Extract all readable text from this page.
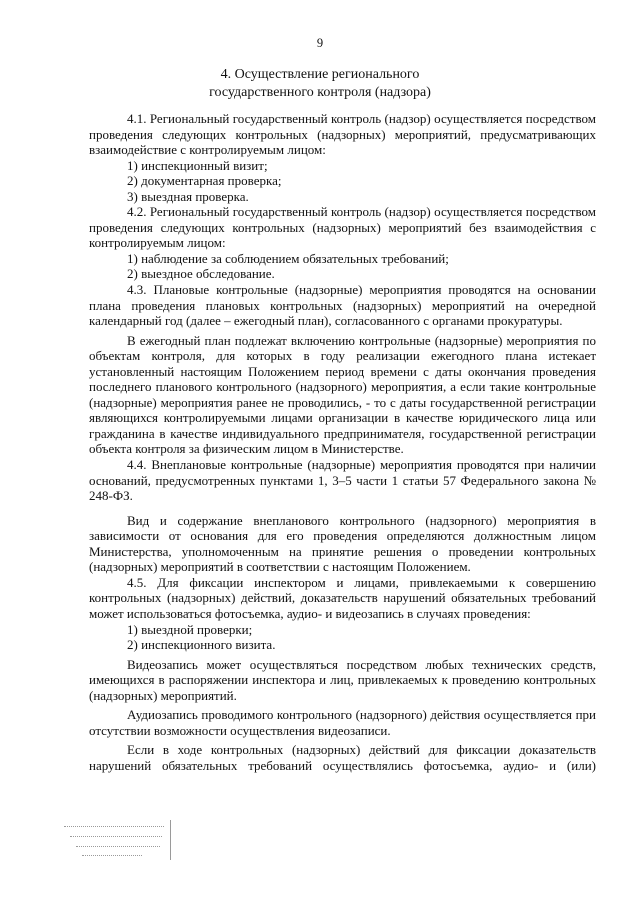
9
4. Осуществление регионального
государственного контроля (надзора)

4.1. Региональный государственный контроль (надзор) осуществляется посредством проведения следующих контрольных (надзорных) мероприятий, предусматривающих взаимодействие с контролируемым лицом:

1) инспекционный визит;

2) документарная проверка;

3) выездная проверка.

4.2. Региональный государственный контроль (надзор) осуществляется посредством проведения следующих контрольных (надзорных) мероприятий без взаимодействия с контролируемым лицом:

1) наблюдение за соблюдением обязательных требований;

2) выездное обследование.

4.3. Плановые контрольные (надзорные) мероприятия проводятся на основании плана проведения плановых контрольных (надзорных) мероприятий на очередной календарный год (далее – ежегодный план), согласованного с органами прокуратуры.

В ежегодный план подлежат включению контрольные (надзорные) мероприятия по объектам контроля, для которых в году реализации ежегодного плана истекает установленный настоящим Положением период времени с даты окончания проведения последнего планового контрольного (надзорного) мероприятия, а если такие контрольные (надзорные) мероприятия ранее не проводились, - то с даты государственной регистрации являющихся контролируемыми лицами организации в качестве юридического лица или гражданина в качестве индивидуального предпринимателя, государственной регистрации объекта контроля за физическим лицом в Министерстве.

4.4. Внеплановые контрольные (надзорные) мероприятия проводятся при наличии оснований, предусмотренных пунктами 1, 3–5 части 1 статьи 57 Федерального закона № 248-ФЗ.

Вид и содержание внепланового контрольного (надзорного) мероприятия в зависимости от основания для его проведения определяются должностным лицом Министерства, уполномоченным на принятие решения о проведении контрольных (надзорных) мероприятий в соответствии с настоящим Положением.

4.5. Для фиксации инспектором и лицами, привлекаемыми к совершению контрольных (надзорных) действий, доказательств нарушений обязательных требований может использоваться фотосъемка, аудио- и видеозапись в случаях проведения:

1) выездной проверки;

2) инспекционного визита.

Видеозапись может осуществляться посредством любых технических средств, имеющихся в распоряжении инспектора и лиц, привлекаемых к проведению контрольных (надзорных) мероприятий.

Аудиозапись проводимого контрольного (надзорного) действия осуществляется при отсутствии возможности осуществления видеозаписи.

Если в ходе контрольных (надзорных) действий для фиксации доказательств нарушений обязательных требований осуществлялись фотосъемка, аудио- и (или)
